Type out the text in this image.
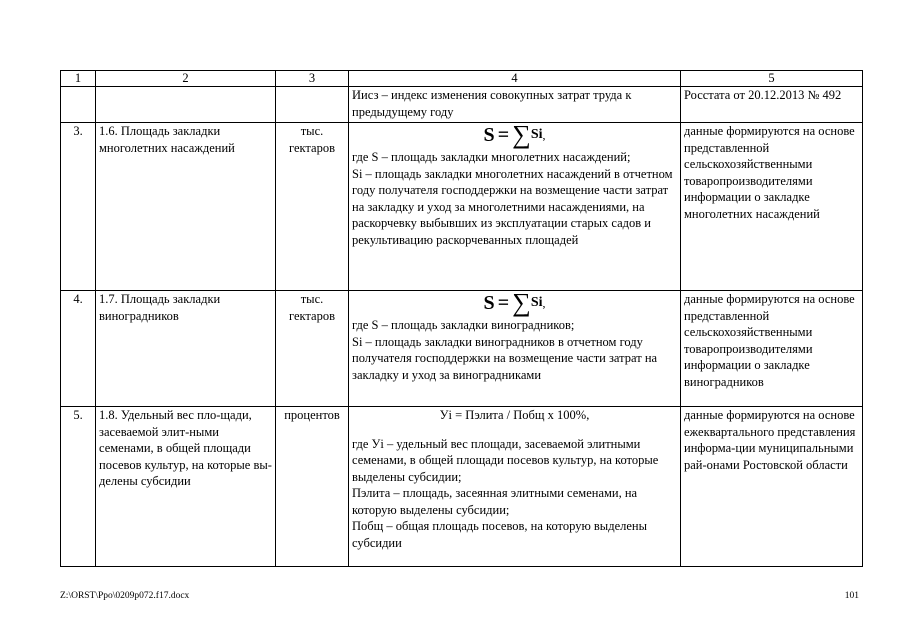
1	2	3	4	5

			Иисз – индекс изменения совокупных затрат труда к предыдущему году	Росстата от 20.12.2013 № 492
3.	1.6. Площадь закладки многолетних насаждений	тыс. гектаров	S = ∑Si,
где S – площадь закладки многолетних насаждений;
Si – площадь закладки многолетних насаждений в отчетном году получателя господдержки на возмещение части затрат на закладку и уход за многолетними насаждениями, на раскорчевку выбывших из эксплуатации старых садов и рекультивацию раскорчеванных площадей	данные формируются на основе представленной сельскохозяйственными товаропроизводителями информации о закладке многолетних насаждений
4.	1.7. Площадь закладки виноградников	тыс. гектаров	S = ∑Si,
где S – площадь закладки виноградников;
Si – площадь закладки виноградников в отчетном году получателя господдержки на возмещение части затрат на закладку и уход за виноградниками	данные формируются на основе представленной сельскохозяйственными товаропроизводителями информации о закладке виноградников
5.	1.8. Удельный вес пло-щади, засеваемой элит-ными семенами, в общей площади посевов культур, на которые вы-делены субсидии	процентов	Уi = Пэлита / Побщ x 100%,
где Уi – удельный вес площади, засеваемой элитными семенами, в общей площади посевов культур, на которые выделены субсидии;
Пэлита – площадь, засеянная элитными семенами, на которую выделены субсидии;
Побщ – общая площадь посевов, на которую выделены субсидии	данные формируются на основе ежеквартального представления информа-ции муниципальными рай-онами Ростовской области
Z:\ORST\Ppo\0209p072.f17.docx	101
